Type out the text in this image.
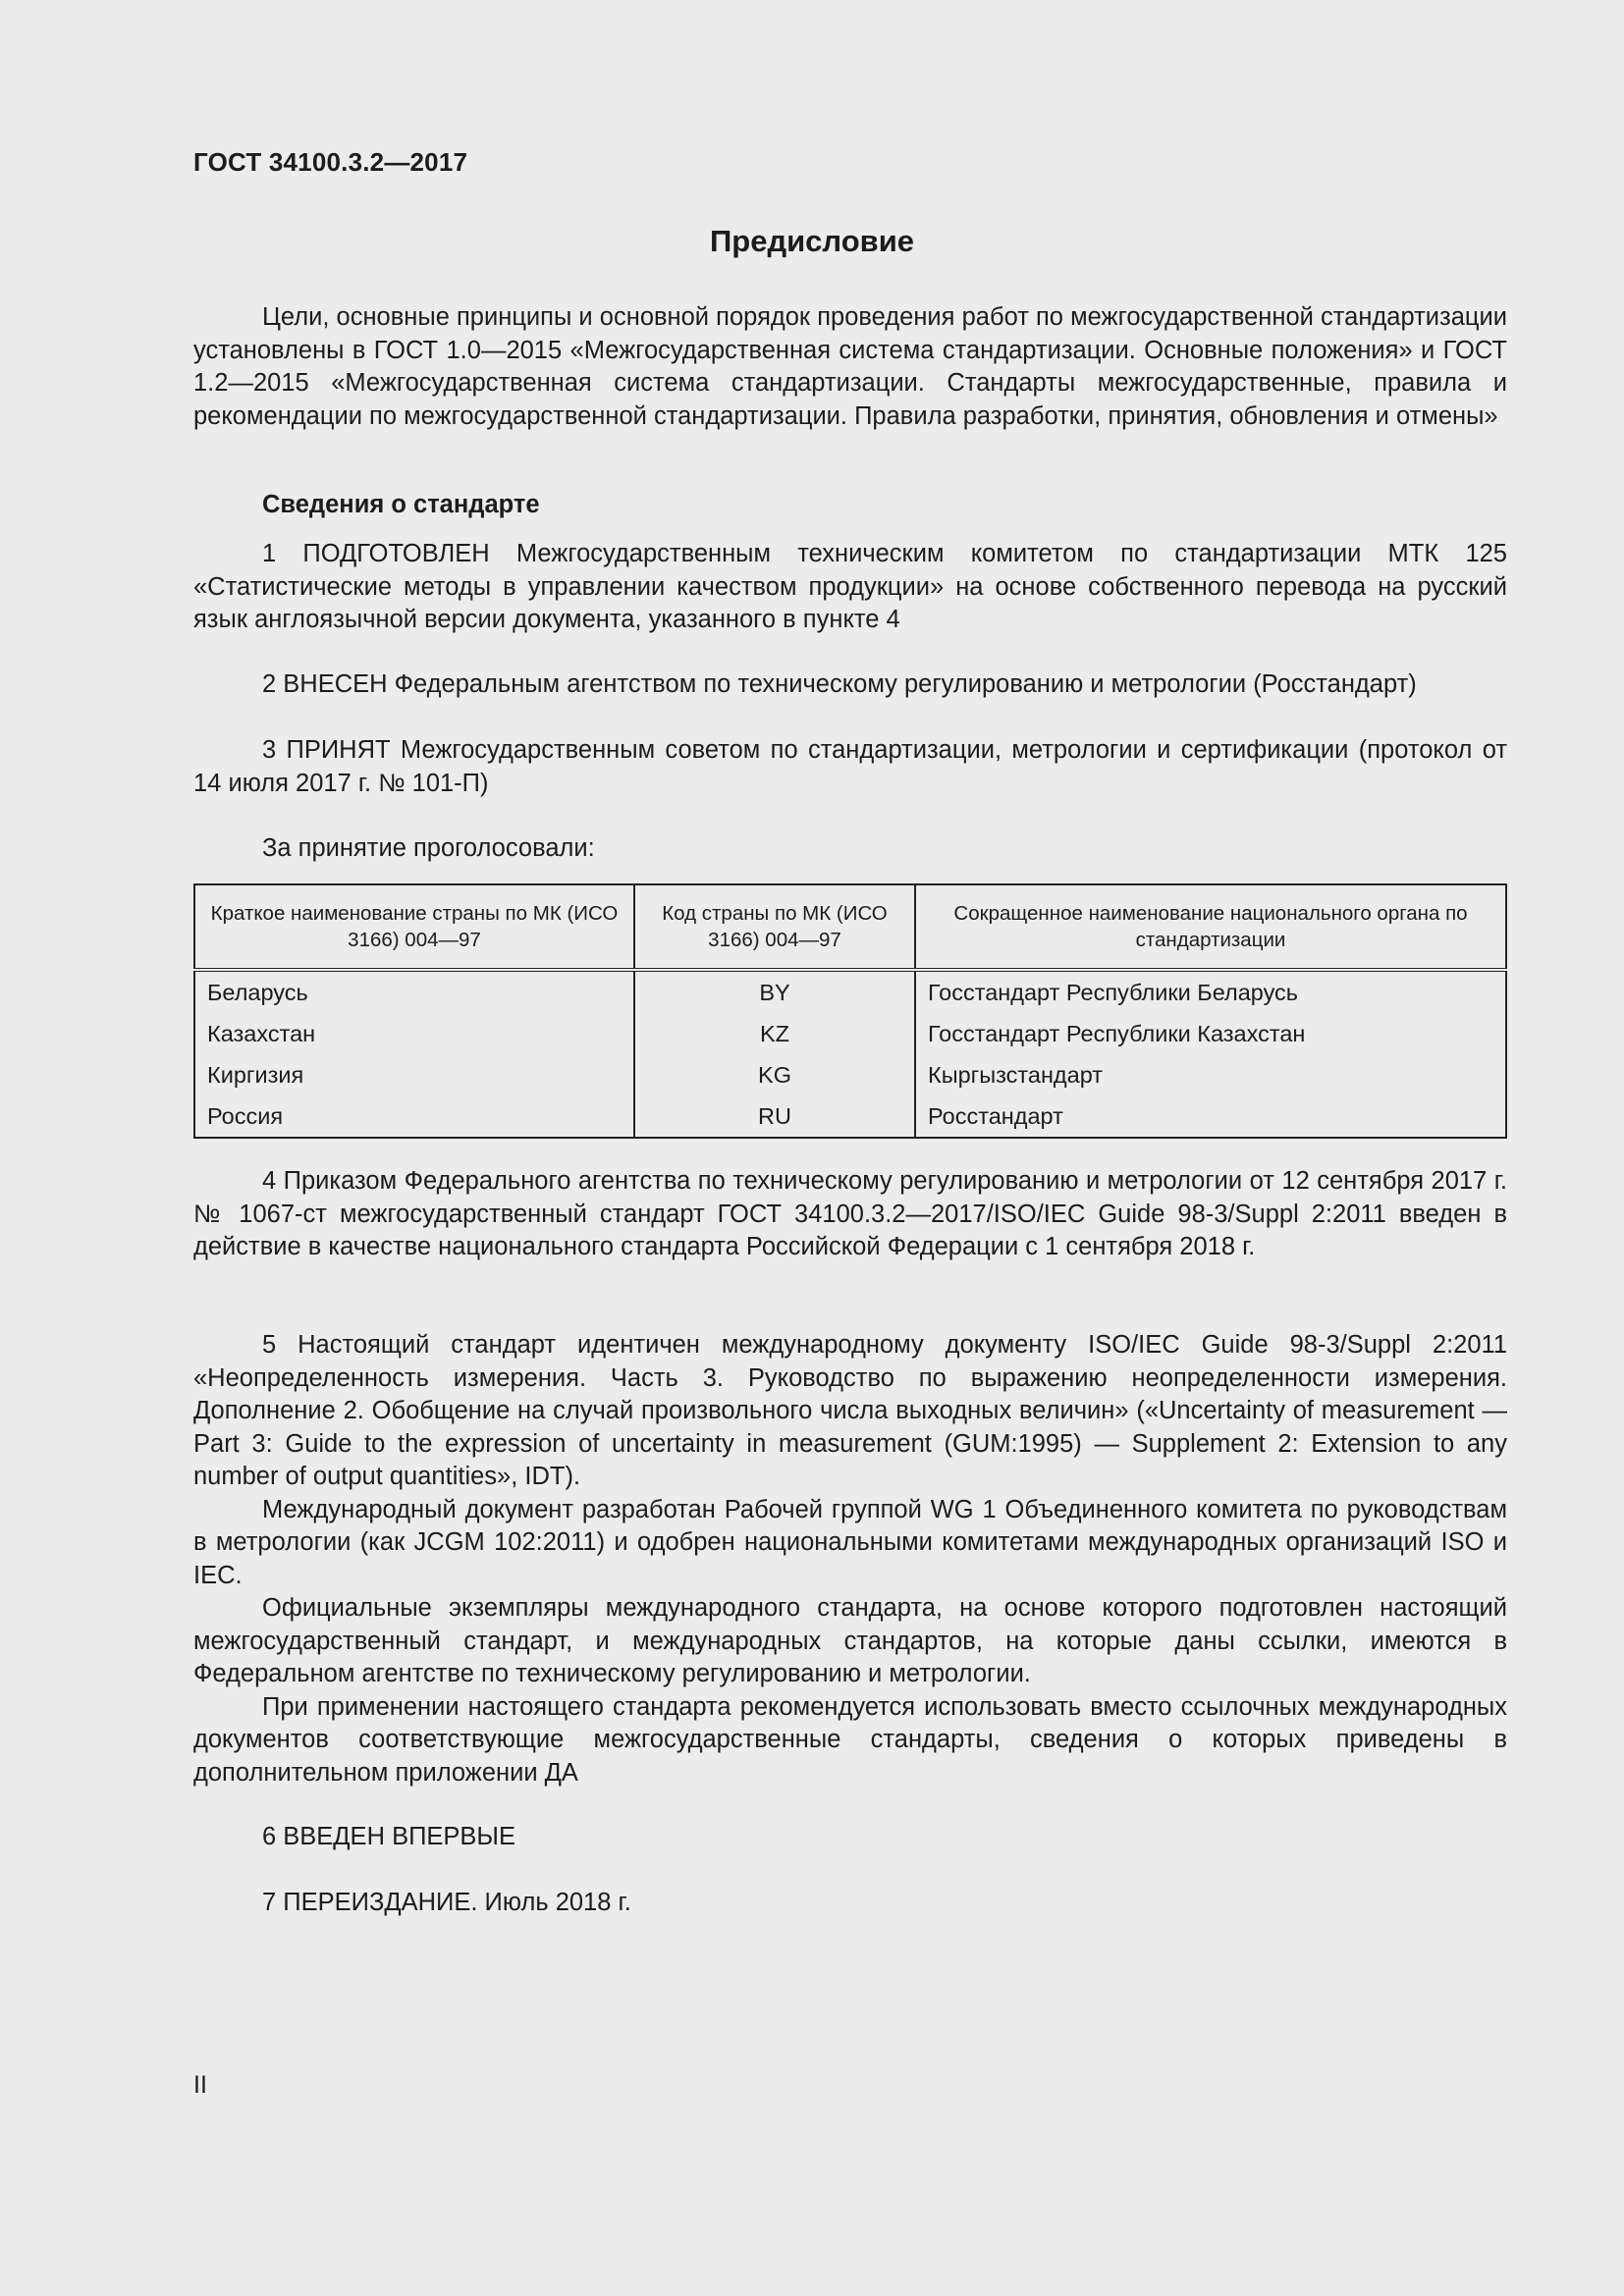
ГОСТ 34100.3.2—2017
Предисловие

Цели, основные принципы и основной порядок проведения работ по межгосударственной стандартизации установлены в ГОСТ 1.0—2015 «Межгосударственная система стандартизации. Основные положения» и ГОСТ 1.2—2015 «Межгосударственная система стандартизации. Стандарты межгосударственные, правила и рекомендации по межгосударственной стандартизации. Правила разработки, принятия, обновления и отмены»

Сведения о стандарте

1 ПОДГОТОВЛЕН Межгосударственным техническим комитетом по стандартизации МТК 125 «Статистические методы в управлении качеством продукции» на основе собственного перевода на русский язык англоязычной версии документа, указанного в пункте 4

2 ВНЕСЕН Федеральным агентством по техническому регулированию и метрологии (Росстандарт)

3 ПРИНЯТ Межгосударственным советом по стандартизации, метрологии и сертификации (протокол от 14 июля 2017 г. № 101-П)

За принятие проголосовали:

Краткое наименование страны по МК (ИСО 3166) 004—97	Код страны по МК (ИСО 3166) 004—97	Сокращенное наименование национального органа по стандартизации
Беларусь	BY	Госстандарт Республики Беларусь
Казахстан	KZ	Госстандарт Республики Казахстан
Киргизия	KG	Кыргызстандарт
Россия	RU	Росстандарт

4 Приказом Федерального агентства по техническому регулированию и метрологии от 12 сентября 2017 г. № 1067-ст межгосударственный стандарт ГОСТ 34100.3.2—2017/ISO/IEC Guide 98-3/Suppl 2:2011 введен в действие в качестве национального стандарта Российской Федерации с 1 сентября 2018 г.

5 Настоящий стандарт идентичен международному документу ISO/IEC Guide 98-3/Suppl 2:2011 «Неопределенность измерения. Часть 3. Руководство по выражению неопределенности измерения. Дополнение 2. Обобщение на случай произвольного числа выходных величин» («Uncertainty of measurement — Part 3: Guide to the expression of uncertainty in measurement (GUM:1995) — Supplement 2: Extension to any number of output quantities», IDT).

Международный документ разработан Рабочей группой WG 1 Объединенного комитета по руководствам в метрологии (как JCGM 102:2011) и одобрен национальными комитетами международных организаций ISO и IEC.

Официальные экземпляры международного стандарта, на основе которого подготовлен настоящий межгосударственный стандарт, и международных стандартов, на которые даны ссылки, имеются в Федеральном агентстве по техническому регулированию и метрологии.

При применении настоящего стандарта рекомендуется использовать вместо ссылочных международных документов соответствующие межгосударственные стандарты, сведения о которых приведены в дополнительном приложении ДА

6 ВВЕДЕН ВПЕРВЫЕ

7 ПЕРЕИЗДАНИЕ. Июль 2018 г.

II
